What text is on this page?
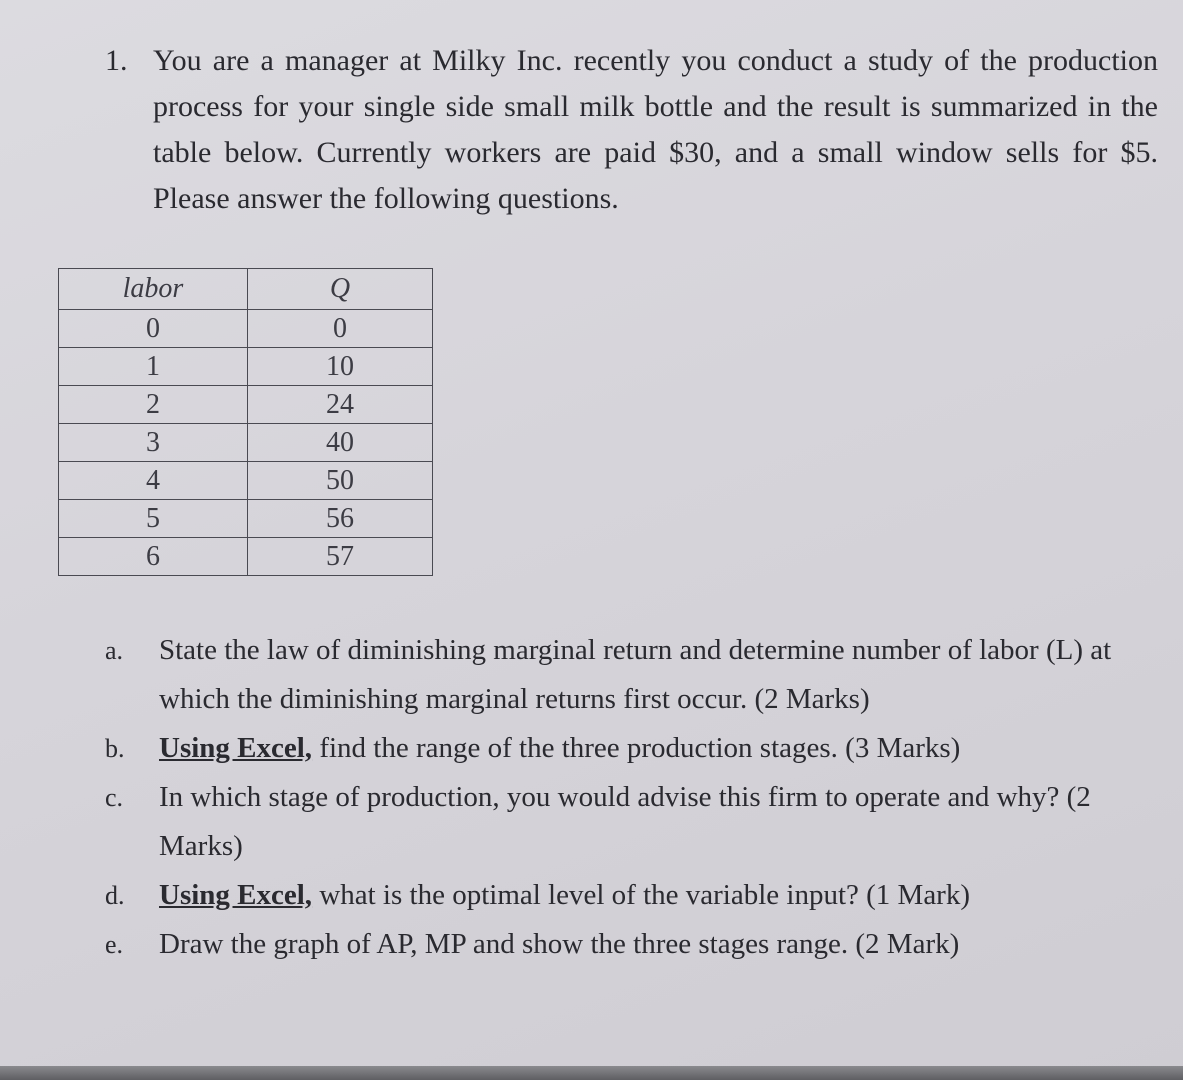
1. You are a manager at Milky Inc. recently you conduct a study of the production process for your single side small milk bottle and the result is summarized in the table below. Currently workers are paid $30, and a small window sells for $5. Please answer the following questions.
labor	Q
0	0
1	10
2	24
3	40
4	50
5	56
6	57
a.	State the law of diminishing marginal return and determine number of labor (L) at which the diminishing marginal returns first occur. (2 Marks)
b.	Using Excel, find the range of the three production stages. (3 Marks)
c.	In which stage of production, you would advise this firm to operate and why? (2 Marks)
d.	Using Excel, what is the optimal level of the variable input? (1 Mark)
e.	Draw the graph of AP, MP and show the three stages range. (2 Mark)
